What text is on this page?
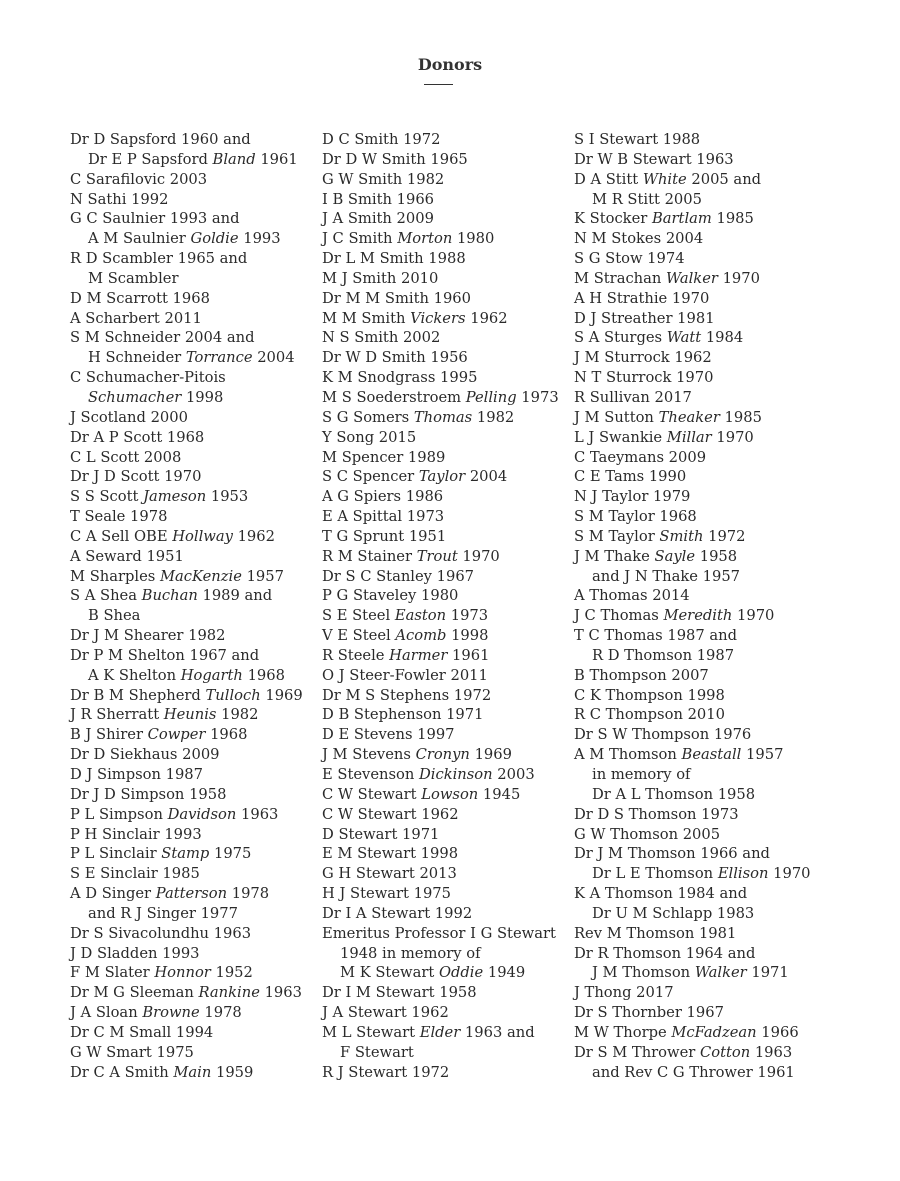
Donors
Dr D Sapsford 1960 and
Dr E P Sapsford Bland 1961
C Sarafilovic 2003
N Sathi 1992
G C Saulnier 1993 and
A M Saulnier Goldie 1993
R D Scambler 1965 and
M Scambler
D M Scarrott 1968
A Scharbert 2011
S M Schneider 2004 and
H Schneider Torrance 2004
C Schumacher-Pitois
Schumacher 1998
J Scotland 2000
Dr A P Scott 1968
C L Scott 2008
Dr J D Scott 1970
S S Scott Jameson 1953
T Seale 1978
C A Sell OBE Hollway 1962
A Seward 1951
M Sharples MacKenzie 1957
S A Shea Buchan 1989 and
B Shea
Dr J M Shearer 1982
Dr P M Shelton 1967 and
A K Shelton Hogarth 1968
Dr B M Shepherd Tulloch 1969
J R Sherratt Heunis 1982
B J Shirer Cowper 1968
Dr D Siekhaus 2009
D J Simpson 1987
Dr J D Simpson 1958
P L Simpson Davidson 1963
P H Sinclair 1993
P L Sinclair Stamp 1975
S E Sinclair 1985
A D Singer Patterson 1978
and R J Singer 1977
Dr S Sivacolundhu 1963
J D Sladden 1993
F M Slater Honnor 1952
Dr M G Sleeman Rankine 1963
J A Sloan Browne 1978
Dr C M Small 1994
G W Smart 1975
Dr C A Smith Main 1959
D C Smith 1972
Dr D W Smith 1965
G W Smith 1982
I B Smith 1966
J A Smith 2009
J C Smith Morton 1980
Dr L M Smith 1988
M J Smith 2010
Dr M M Smith 1960
M M Smith Vickers 1962
N S Smith 2002
Dr W D Smith 1956
K M Snodgrass 1995
M S Soederstroem Pelling 1973
S G Somers Thomas 1982
Y Song 2015
M Spencer 1989
S C Spencer Taylor 2004
A G Spiers 1986
E A Spittal 1973
T G Sprunt 1951
R M Stainer Trout 1970
Dr S C Stanley 1967
P G Staveley 1980
S E Steel Easton 1973
V E Steel Acomb 1998
R Steele Harmer 1961
O J Steer-Fowler 2011
Dr M S Stephens 1972
D B Stephenson 1971
D E Stevens 1997
J M Stevens Cronyn 1969
E Stevenson Dickinson 2003
C W Stewart Lowson 1945
C W Stewart 1962
D Stewart 1971
E M Stewart 1998
G H Stewart 2013
H J Stewart 1975
Dr I A Stewart 1992
Emeritus Professor I G Stewart
1948 in memory of
M K Stewart Oddie 1949
Dr I M Stewart 1958
J A Stewart 1962
M L Stewart Elder 1963 and
F Stewart
R J Stewart 1972
S I Stewart 1988
Dr W B Stewart 1963
D A Stitt White 2005 and
M R Stitt 2005
K Stocker Bartlam 1985
N M Stokes 2004
S G Stow 1974
M Strachan Walker 1970
A H Strathie 1970
D J Streather 1981
S A Sturges Watt 1984
J M Sturrock 1962
N T Sturrock 1970
R Sullivan 2017
J M Sutton Theaker 1985
L J Swankie Millar 1970
C Taeymans 2009
C E Tams 1990
N J Taylor 1979
S M Taylor 1968
S M Taylor Smith 1972
J M Thake Sayle 1958
and J N Thake 1957
A Thomas 2014
J C Thomas Meredith 1970
T C Thomas 1987 and
R D Thomson 1987
B Thompson 2007
C K Thompson 1998
R C Thompson 2010
Dr S W Thompson 1976
A M Thomson Beastall 1957
in memory of
Dr A L Thomson 1958
Dr D S Thomson 1973
G W Thomson 2005
Dr J M Thomson 1966 and
Dr L E Thomson Ellison 1970
K A Thomson 1984 and
Dr U M Schlapp 1983
Rev M Thomson 1981
Dr R Thomson 1964 and
J M Thomson Walker 1971
J Thong 2017
Dr S Thornber 1967
M W Thorpe McFadzean 1966
Dr S M Thrower Cotton 1963
and Rev C G Thrower 1961
